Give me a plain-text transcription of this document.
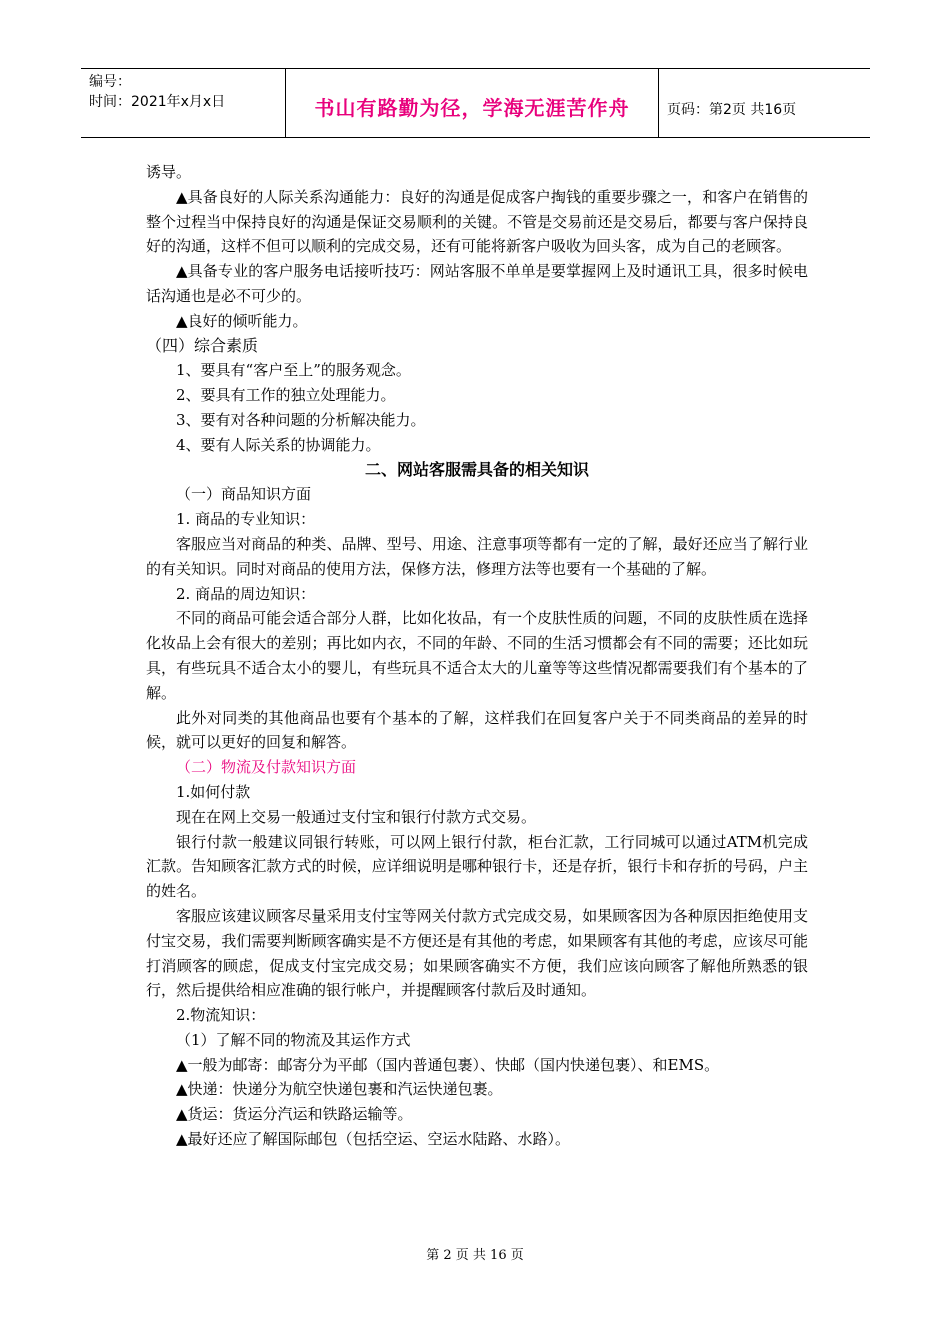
编号：
时间：2021年x月x日	书山有路勤为径，学海无涯苦作舟	页码：第2页 共16页

诱导。

▲具备良好的人际关系沟通能力：良好的沟通是促成客户掏钱的重要步骤之一，和客户在销售的整个过程当中保持良好的沟通是保证交易顺利的关键。不管是交易前还是交易后，都要与客户保持良好的沟通，这样不但可以顺利的完成交易，还有可能将新客户吸收为回头客，成为自己的老顾客。

▲具备专业的客户服务电话接听技巧：网站客服不单单是要掌握网上及时通讯工具，很多时候电话沟通也是必不可少的。

▲良好的倾听能力。

（四）综合素质

1、要具有“客户至上”的服务观念。

2、要具有工作的独立处理能力。

3、要有对各种问题的分析解决能力。

4、要有人际关系的协调能力。

二、网站客服需具备的相关知识

（一）商品知识方面

1. 商品的专业知识：

客服应当对商品的种类、品牌、型号、用途、注意事项等都有一定的了解，最好还应当了解行业的有关知识。同时对商品的使用方法，保修方法，修理方法等也要有一个基础的了解。

2. 商品的周边知识：

不同的商品可能会适合部分人群，比如化妆品，有一个皮肤性质的问题，不同的皮肤性质在选择化妆品上会有很大的差别；再比如内衣，不同的年龄、不同的生活习惯都会有不同的需要；还比如玩具，有些玩具不适合太小的婴儿，有些玩具不适合太大的儿童等等这些情况都需要我们有个基本的了解。

此外对同类的其他商品也要有个基本的了解，这样我们在回复客户关于不同类商品的差异的时候，就可以更好的回复和解答。

（二）物流及付款知识方面

1.如何付款

现在在网上交易一般通过支付宝和银行付款方式交易。

银行付款一般建议同银行转账，可以网上银行付款，柜台汇款，工行同城可以通过ATM机完成汇款。告知顾客汇款方式的时候，应详细说明是哪种银行卡，还是存折，银行卡和存折的号码，户主的姓名。

客服应该建议顾客尽量采用支付宝等网关付款方式完成交易，如果顾客因为各种原因拒绝使用支付宝交易，我们需要判断顾客确实是不方便还是有其他的考虑，如果顾客有其他的考虑，应该尽可能打消顾客的顾虑，促成支付宝完成交易；如果顾客确实不方便，我们应该向顾客了解他所熟悉的银行，然后提供给相应准确的银行帐户，并提醒顾客付款后及时通知。

2.物流知识：

（1）了解不同的物流及其运作方式

▲一般为邮寄：邮寄分为平邮（国内普通包裹）、快邮（国内快递包裹）、和EMS。

▲快递：快递分为航空快递包裹和汽运快递包裹。

▲货运：货运分汽运和铁路运输等。

▲最好还应了解国际邮包（包括空运、空运水陆路、水路）。

第 2 页 共 16 页
